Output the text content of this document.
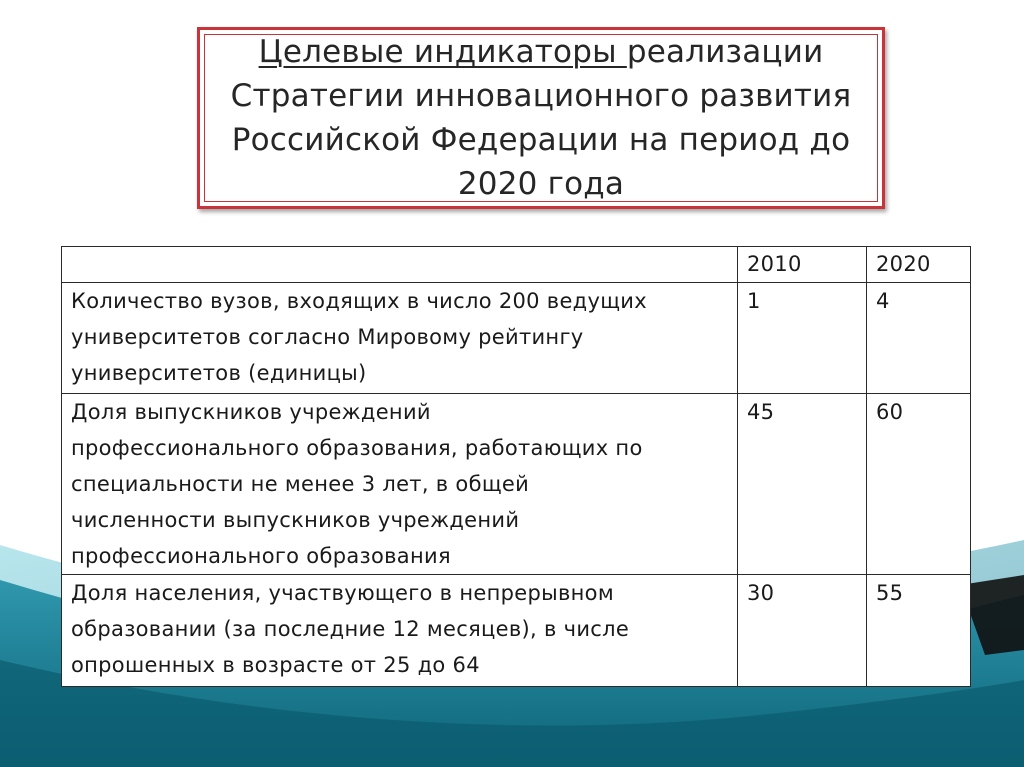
Целевые индикаторы реализации
Стратегии инновационного развития
Российской Федерации на период до
2020 года

	2010	2020

Количество вузов, входящих в число 200 ведущих
университетов согласно Мировому рейтингу
университетов (единицы)	1	4

Доля выпускников учреждений
профессионального образования, работающих по
специальности не менее 3 лет, в общей
численности выпускников учреждений
профессионального образования	45	60

Доля населения, участвующего в непрерывном
образовании (за последние 12 месяцев), в числе
опрошенных в возрасте от 25 до 64	30	55
